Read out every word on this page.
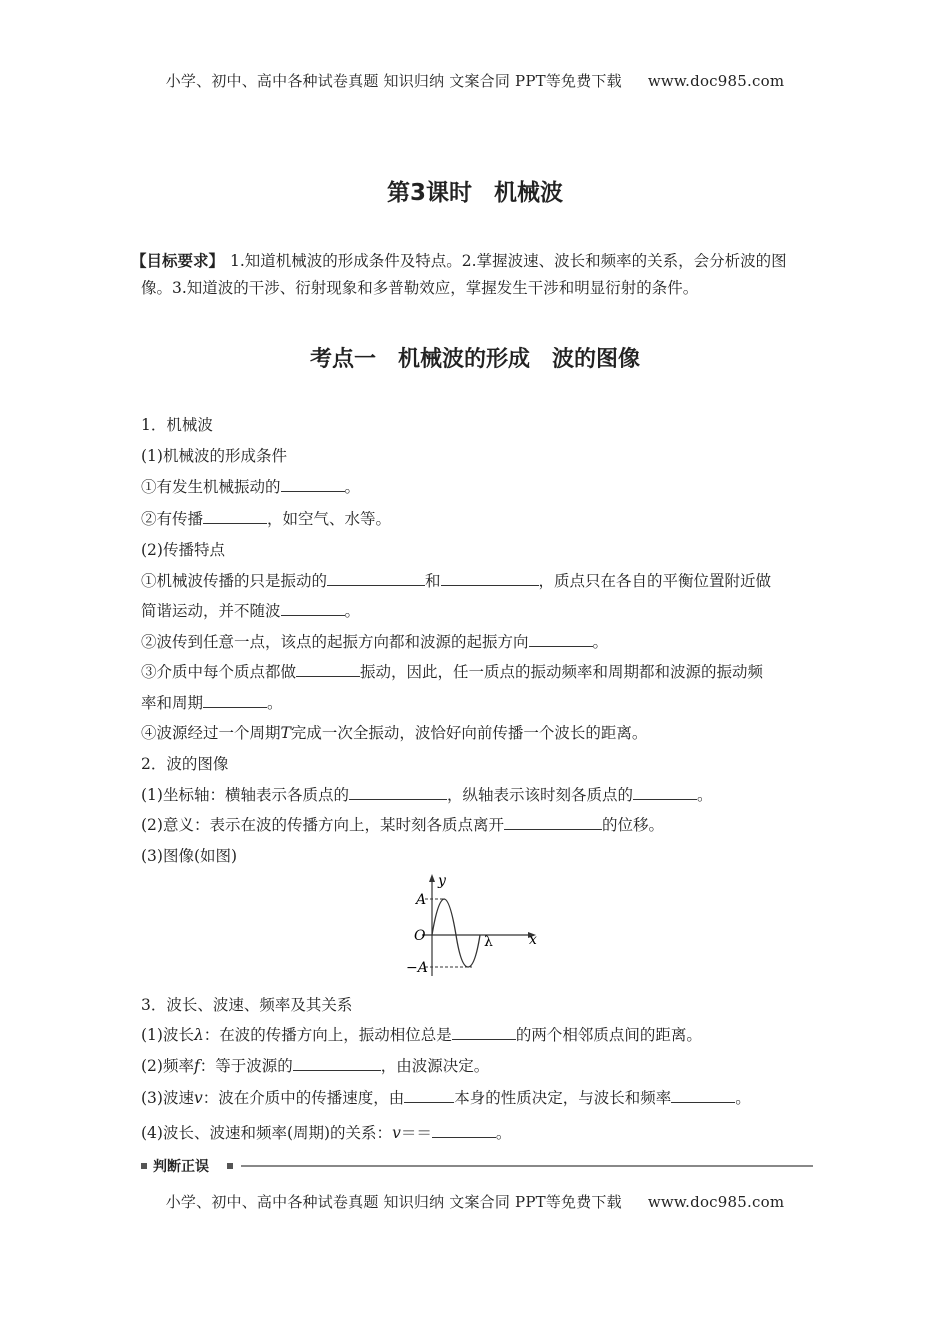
小学、初中、高中各种试卷真题 知识归纳 文案合同 PPT等免费下载 www.doc985.com
第3课时 机械波
【目标要求】 1.知道机械波的形成条件及特点。2.掌握波速、波长和频率的关系，会分析波的图像。3.知道波的干涉、衍射现象和多普勒效应，掌握发生干涉和明显衍射的条件。
考点一 机械波的形成　波的图像
1．机械波
(1)机械波的形成条件
①有发生机械振动的	。
②有传播	，如空气、水等。
(2)传播特点
①机械波传播的只是振动的	和	，质点只在各自的平衡位置附近做
简谐运动，并不随波	。
②波传到任意一点，该点的起振方向都和波源的起振方向	。
③介质中每个质点都做	振动，因此，任一质点的振动频率和周期都和波源的振动频
率和周期	。
④波源经过一个周期T完成一次全振动，波恰好向前传播一个波长的距离。
2．波的图像
(1)坐标轴：横轴表示各质点的	，纵轴表示该时刻各质点的	。
(2)意义：表示在波的传播方向上，某时刻各质点离开	的位移。
(3)图像(如图)
y
x
A
O
−A
λ
3．波长、波速、频率及其关系
(1)波长λ：在波的传播方向上，振动相位总是	的两个相邻质点间的距离。
(2)频率f：等于波源的	，由波源决定。
(3)波速v：波在介质中的传播速度，由	本身的性质决定，与波长和频率	。
(4)波长、波速和频率(周期)的关系：v＝＝	。
判断正误
小学、初中、高中各种试卷真题 知识归纳 文案合同 PPT等免费下载 www.doc985.com
